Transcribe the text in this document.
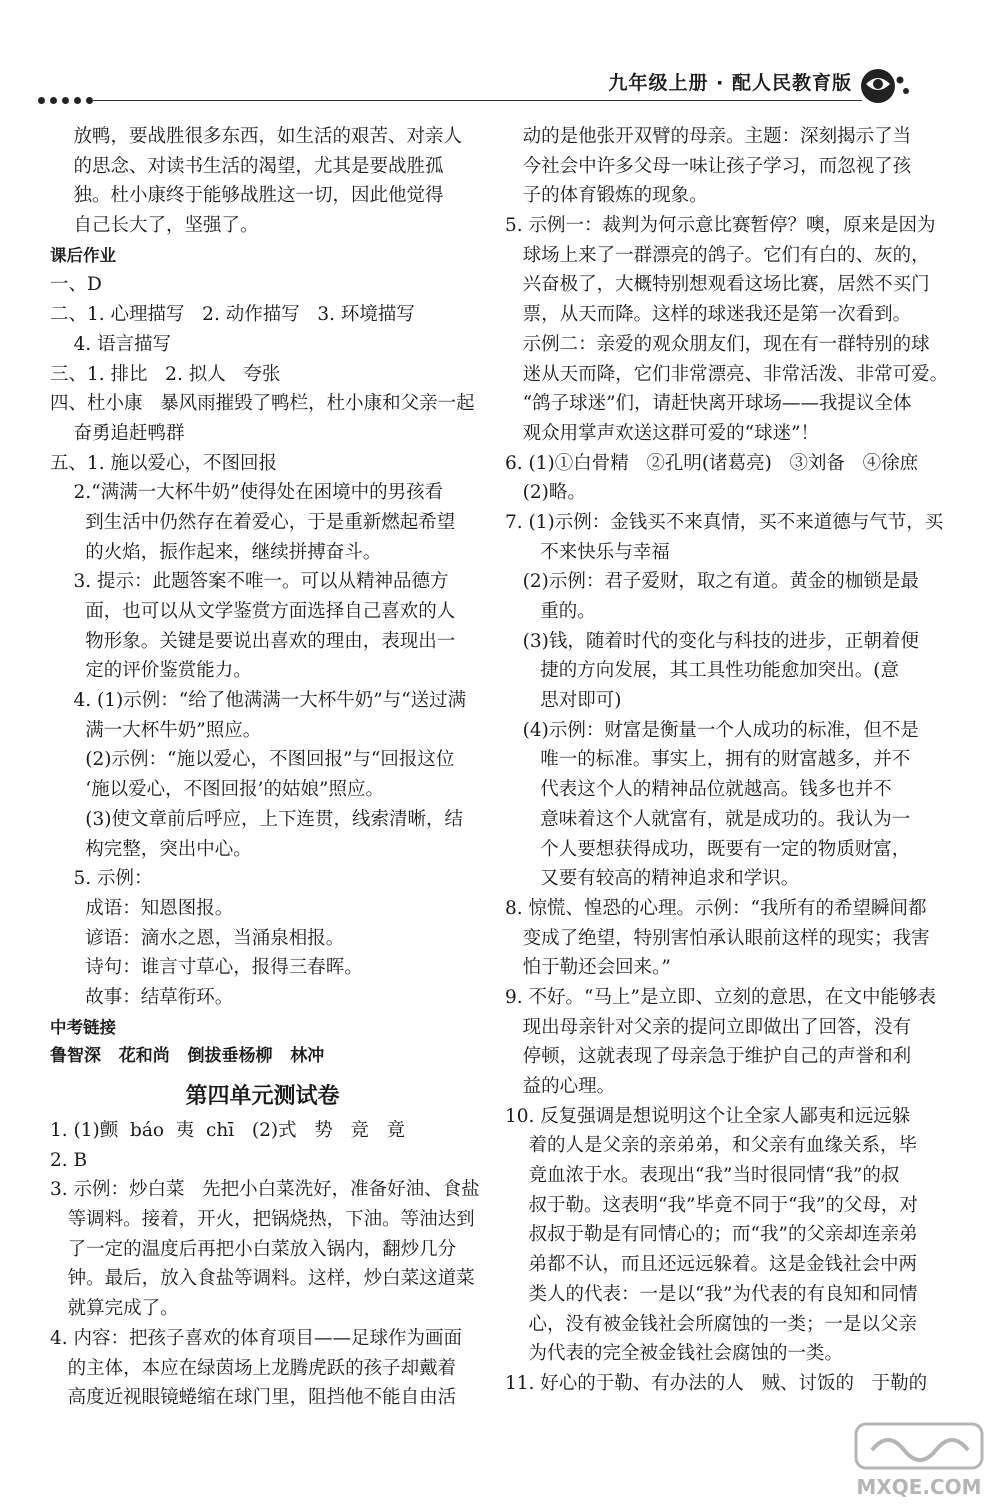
九年级上册 · 配人民教育版
放鸭，要战胜很多东西，如生活的艰苦、对亲人
的思念、对读书生活的渴望，尤其是要战胜孤
独。杜小康终于能够战胜这一切，因此他觉得
自己长大了，坚强了。
课后作业
一、D
二、1. 心理描写   2. 动作描写   3. 环境描写
4. 语言描写
三、1. 排比   2. 拟人   夸张
四、杜小康   暴风雨摧毁了鸭栏，杜小康和父亲一起
奋勇追赶鸭群
五、1. 施以爱心，不图回报
2.“满满一大杯牛奶”使得处在困境中的男孩看
到生活中仍然存在着爱心，于是重新燃起希望
的火焰，振作起来，继续拼搏奋斗。
3. 提示：此题答案不唯一。可以从精神品德方
面，也可以从文学鉴赏方面选择自己喜欢的人
物形象。关键是要说出喜欢的理由，表现出一
定的评价鉴赏能力。
4. (1)示例：“给了他满满一大杯牛奶”与“送过满
满一大杯牛奶”照应。
(2)示例：“施以爱心，不图回报”与“回报这位
‘施以爱心，不图回报’的姑娘”照应。
(3)使文章前后呼应，上下连贯，线索清晰，结
构完整，突出中心。
5. 示例：
成语：知恩图报。
谚语：滴水之恩，当涌泉相报。
诗句：谁言寸草心，报得三春晖。
故事：结草衔环。
中考链接
鲁智深   花和尚   倒拔垂杨柳   林冲
第四单元测试卷
1. (1)颤  báo  夷  chī   (2)式   势   竞   竟
2. B
3. 示例：炒白菜   先把小白菜洗好，准备好油、食盐
等调料。接着，开火，把锅烧热，下油。等油达到
了一定的温度后再把小白菜放入锅内，翻炒几分
钟。最后，放入食盐等调料。这样，炒白菜这道菜
就算完成了。
4. 内容：把孩子喜欢的体育项目——足球作为画面
的主体，本应在绿茵场上龙腾虎跃的孩子却戴着
高度近视眼镜蜷缩在球门里，阻挡他不能自由活
动的是他张开双臂的母亲。主题：深刻揭示了当
今社会中许多父母一味让孩子学习，而忽视了孩
子的体育锻炼的现象。
5. 示例一：裁判为何示意比赛暂停？噢，原来是因为
球场上来了一群漂亮的鸽子。它们有白的、灰的，
兴奋极了，大概特别想观看这场比赛，居然不买门
票，从天而降。这样的球迷我还是第一次看到。
示例二：亲爱的观众朋友们，现在有一群特别的球
迷从天而降，它们非常漂亮、非常活泼、非常可爱。
“鸽子球迷”们，请赶快离开球场——我提议全体
观众用掌声欢送这群可爱的“球迷”！
6. (1)①白骨精   ②孔明(诸葛亮)   ③刘备   ④徐庶
(2)略。
7. (1)示例：金钱买不来真情，买不来道德与气节，买
不来快乐与幸福
(2)示例：君子爱财，取之有道。黄金的枷锁是最
重的。
(3)钱，随着时代的变化与科技的进步，正朝着便
捷的方向发展，其工具性功能愈加突出。(意
思对即可)
(4)示例：财富是衡量一个人成功的标准，但不是
唯一的标准。事实上，拥有的财富越多，并不
代表这个人的精神品位就越高。钱多也并不
意味着这个人就富有，就是成功的。我认为一
个人要想获得成功，既要有一定的物质财富，
又要有较高的精神追求和学识。
8. 惊慌、惶恐的心理。示例：“我所有的希望瞬间都
变成了绝望，特别害怕承认眼前这样的现实；我害
怕于勒还会回来。”
9. 不好。“马上”是立即、立刻的意思，在文中能够表
现出母亲针对父亲的提问立即做出了回答，没有
停顿，这就表现了母亲急于维护自己的声誉和利
益的心理。
10. 反复强调是想说明这个让全家人鄙夷和远远躲
着的人是父亲的亲弟弟，和父亲有血缘关系，毕
竟血浓于水。表现出“我”当时很同情“我”的叔
叔于勒。这表明“我”毕竟不同于“我”的父母，对
叔叔于勒是有同情心的；而“我”的父亲却连亲弟
弟都不认，而且还远远躲着。这是金钱社会中两
类人的代表：一是以“我”为代表的有良知和同情
心，没有被金钱社会所腐蚀的一类；一是以父亲
为代表的完全被金钱社会腐蚀的一类。
11. 好心的于勒、有办法的人   贼、讨饭的   于勒的
MXQE.COM
